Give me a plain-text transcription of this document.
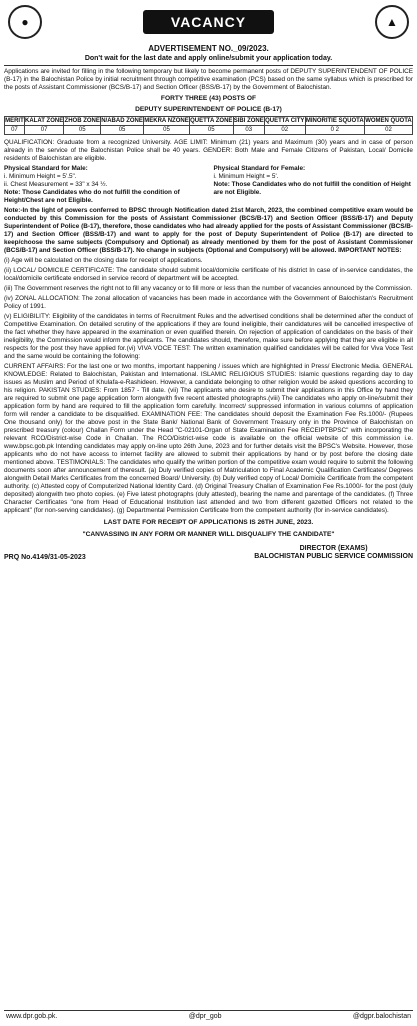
●	VACANCY	▲
ADVERTISEMENT NO._09/2023.
Don't wait for the last date and apply online/submit your application today.
Applications are invited for filling in the following temporary but likely to become permanent posts of DEPUTY SUPERINTENDENT OF POLICE (B-17) in the Balochistan Police by initial recruitment through competitive examination (PCS) based on the same syllabus which is prescribed for the posts of Assistant Commissioner (BCS/B-17) and Section Officer (BSS/B-17) by the Government of Balochistan.
FORTY THREE (43) POSTS OF
DEPUTY SUPERINTENDENT OF POLICE (B-17)
MERIT	KALAT ZONE	ZHOB ZONE	N/ABAD ZONE	MEKRA NZONE	QUETTA ZONE	SIBI ZONE	QUETTA CITY	MINORITIE SQUOTA	WOMEN QUOTA
07	07	05	05	05	05	03	02	0 2	02
QUALIFICATION: Graduate from a recognized University. AGE LIMIT: Minimum (21) years and Maximum (30) years and in case of person already in the service of the Balochistan Police shall be 40 years. GENDER: Both Male and Female Citizens of Pakistan, Local/ Domicile residents of Balochistan are eligible.
Physical Standard for Male:
i. Minimum Height = 5'.5".
ii. Chest Measurement = 33" x 34 ½.
Note: Those Candidates who do not fulfill the condition of Height/Chest are not Eligible.
Physical Standard for Female:
i. Minimum Height = 5'.
Note: Those Candidates who do not fulfill the condition of Height are not Eligible.
Note:-In the light of powers conferred to BPSC through Notification dated 21st March, 2023, the combined competitive exam would be conducted by this Commission for the posts of Assistant Commissioner (BCS/B-17) and Section Officer (BSS/B-17) and Deputy Superintendent of Police (B-17), therefore, those candidates who had already applied for the posts of Assistant Commissioner (BCS/B-17) and Section Officer (BSS/B-17) and want to apply for the post of Deputy Superintendent of Police (B-17) are directed to keep/choose the same subjects (Compulsory and Optional) as already mentioned by them for the post of Assistant Commissioner (BCS/B-17) and Section Officer (BSS/B-17). No change in subjects (Optional and Compulsory) will be allowed. IMPORTANT NOTES:
(i) Age will be calculated on the closing date for receipt of applications.
(ii) LOCAL/ DOMICILE CERTIFICATE: The candidate should submit local/domicile certificate of his district In case of in-service candidates, the local/domicile certificate endorsed in service record of department will be accepted.
(iii) The Government reserves the right not to fill any vacancy or to fill more or less than the number of vacancies announced by the Commission.
(iv) ZONAL ALLOCATION: The zonal allocation of vacancies has been made in accordance with the Government of Balochistan's Recruitment Policy of 1991.
(v) ELIGIBILITY: Eligibility of the candidates in terms of Recruitment Rules and the advertised conditions shall be determined after the conduct of Competitive Examination. On detailed scrutiny of the applications if they are found ineligible, their candidatures will be cancelled irrespective of the fact whether they have appeared in the examination or even qualified therein. On rejection of application of candidates on the basis of their ineligibility, the Commission would inform the applicants. The candidates should, therefore, make sure before applying that they are eligible in all respects for the post they have applied for.(vi) VIVA VOCE TEST: The written examination qualified candidates will be called for Viva Voce Test and the same would be containing the following:
CURRENT AFFAIRS: For the last one or two months, important happening / issues which are highlighted in Press/ Electronic Media. GENERAL KNOWLEDGE: Related to Balochistan, Pakistan and International. ISLAMIC RELIGIOUS STUDIES: Islamic questions regarding day to day issues as Muslim and Period of Khulafa-e-Rashideen. However, a candidate belonging to other religion would be asked questions according to his religion. PAKISTAN STUDIES: From 1857 - Till date. (vii) The applicants who desire to submit their applications in this Office by hand they are required to submit one page application form alongwith five recent attested photographs.(viii) The candidates who apply on-line/submit their application form by hand are required to fill the application form carefully. Incorrect/ suppressed information in various columns of application form will render a candidate to be disqualified. EXAMINATION FEE: The candidates should deposit the Examination Fee Rs.1000/- (Rupees One thousand only) for the above post in the State Bank/ National Bank of Government Treasury only in the Province of Balochistan on prescribed treasury (colour) Challan Form under the Head "C-02101-Organ of State Examination Fee RECEIPTBPSC" with incorporating the relevant RCO/District-wise Code in Challan. The RCO/District-wise code is available on the official website of this commission i.e. www.bpsc.gob.pk Intending candidates may apply on-line upto 26th June, 2023 and for further details visit the BPSC's Website. However, those applicants who do not have access to internet facility are allowed to submit their applications by hand or by post before the closing date mentioned above. TESTIMONIALS: The candidates who qualify the written portion of the competitive exam would require to submit the following documents soon after announcement of theresult. (a) Duly verified copies of Matriculation to Final Academic Qualification Certificates/ Degrees alongwith Detail Marks Certificates from the concerned Board/ University. (b) Duly verified copy of Local/ Domicile Certificate from the competent authority. (c) Attested copy of Computerized National Identity Card. (d) Original Treasury Challan of Examination Fee Rs.1000/- for the post (duly deposited) alongwith two photo copies. (e) Five latest photographs (duly attested), bearing the name and parentage of the candidates. (f) Three Character Certificates "one from Head of Educational Institution last attended and two from different gazetted Officers not related to the applicant" (for non-serving candidates). (g) Departmental Permission Certificate from the competent authority (for in-service candidates).
LAST DATE FOR RECEIPT OF APPLICATIONS IS 26TH JUNE, 2023.
"CANVASSING IN ANY FORM OR MANNER WILL DISQUALIFY THE CANDIDATE"
PRQ No.4149/31-05-2023
DIRECTOR (EXAMS)
BALOCHISTAN PUBLIC SERVICE COMMISSION
www.dpr.gob.pk.	@dpr_gob	@dgpr.balochistan
